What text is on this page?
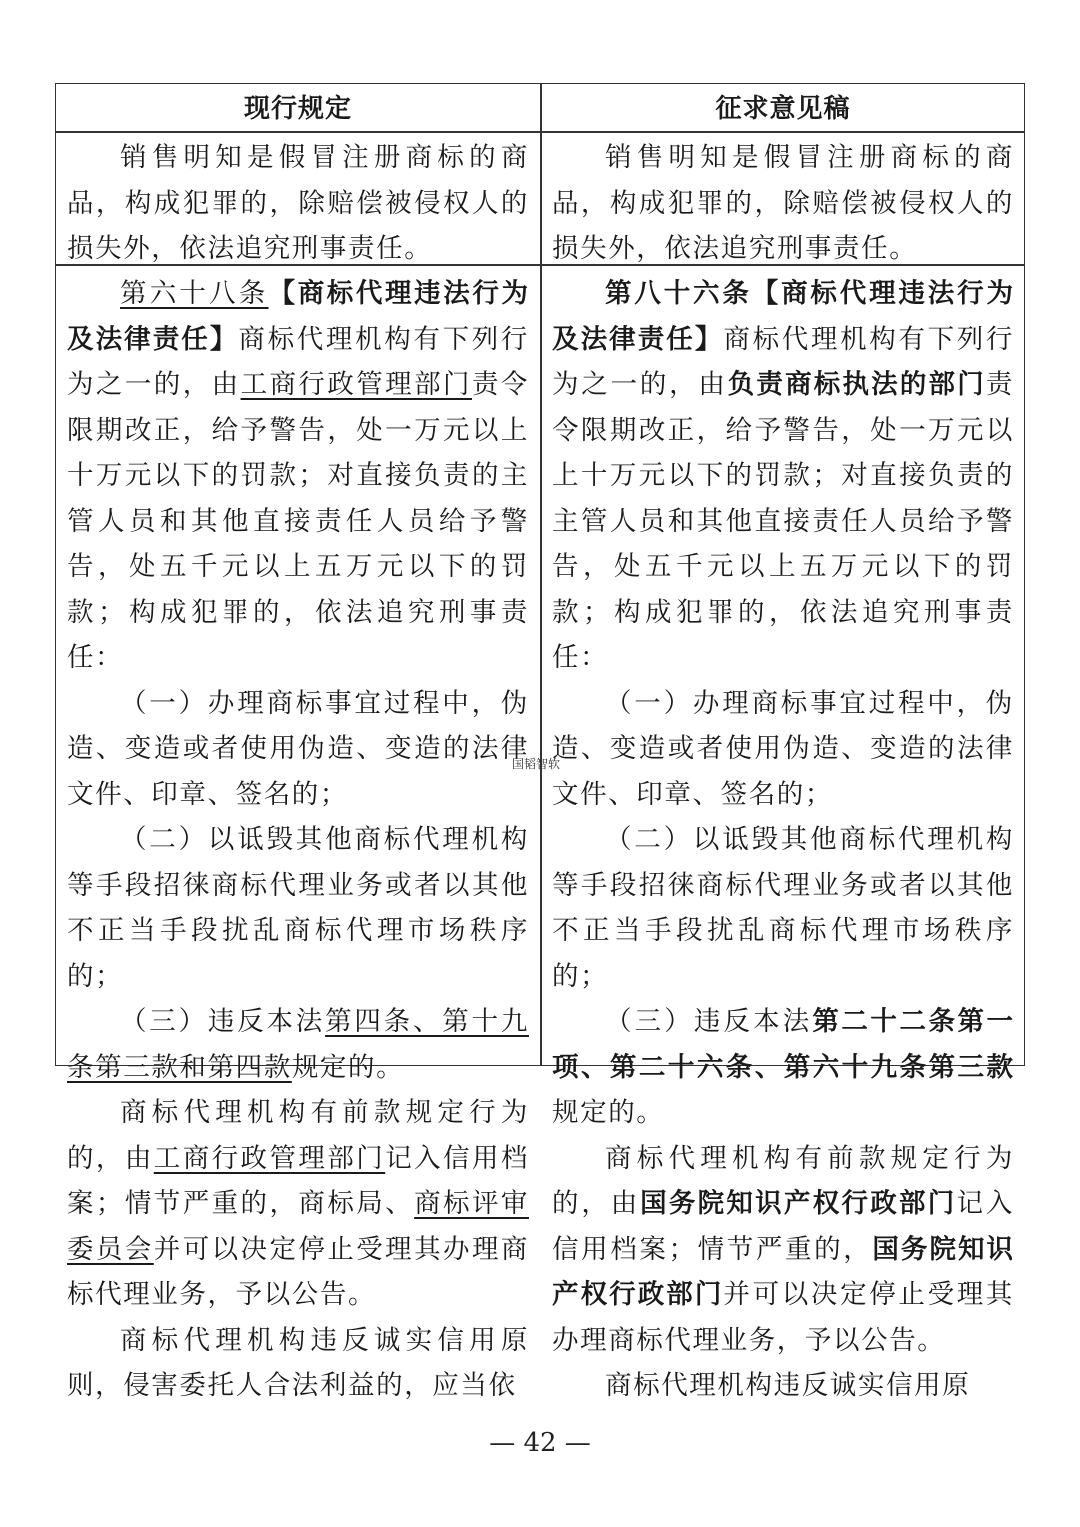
现行规定	征求意见稿

销售明知是假冒注册商标的商品，构成犯罪的，除赔偿被侵权人的损失外，依法追究刑事责任。

销售明知是假冒注册商标的商品，构成犯罪的，除赔偿被侵权人的损失外，依法追究刑事责任。

第六十八条【商标代理违法行为及法律责任】商标代理机构有下列行为之一的，由工商行政管理部门责令限期改正，给予警告，处一万元以上十万元以下的罚款；对直接负责的主管人员和其他直接责任人员给予警告，处五千元以上五万元以下的罚款；构成犯罪的，依法追究刑事责任：

（一）办理商标事宜过程中，伪造、变造或者使用伪造、变造的法律文件、印章、签名的；

（二）以诋毁其他商标代理机构等手段招徕商标代理业务或者以其他不正当手段扰乱商标代理市场秩序的；

（三）违反本法第四条、第十九条第三款和第四款规定的。

商标代理机构有前款规定行为的，由工商行政管理部门记入信用档案；情节严重的，商标局、商标评审委员会并可以决定停止受理其办理商标代理业务，予以公告。

商标代理机构违反诚实信用原则，侵害委托人合法利益的，应当依

第八十六条【商标代理违法行为及法律责任】商标代理机构有下列行为之一的，由负责商标执法的部门责令限期改正，给予警告，处一万元以上十万元以下的罚款；对直接负责的主管人员和其他直接责任人员给予警告，处五千元以上五万元以下的罚款；构成犯罪的，依法追究刑事责任：

（一）办理商标事宜过程中，伪造、变造或者使用伪造、变造的法律文件、印章、签名的；

（二）以诋毁其他商标代理机构等手段招徕商标代理业务或者以其他不正当手段扰乱商标代理市场秩序的；

（三）违反本法第二十二条第一项、第二十六条、第六十九条第三款规定的。

商标代理机构有前款规定行为的，由国务院知识产权行政部门记入信用档案；情节严重的，国务院知识产权行政部门并可以决定停止受理其办理商标代理业务，予以公告。

商标代理机构违反诚实信用原

国韬智软
— 42 —
